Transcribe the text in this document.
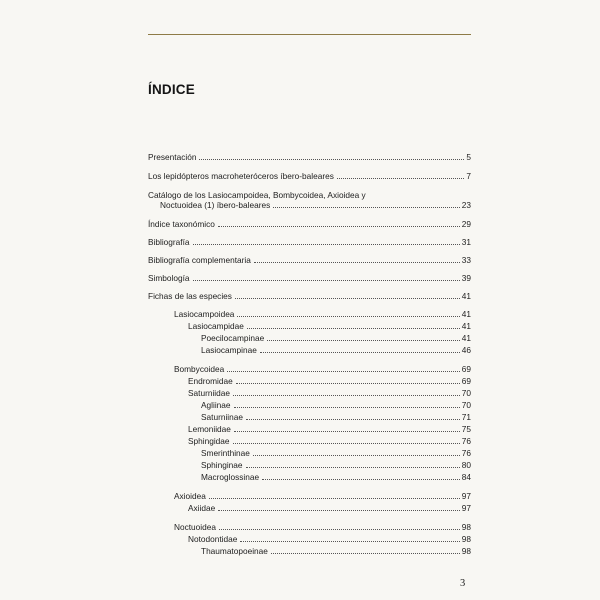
ÍNDICE
Presentación	5
Los lepidópteros macroheteróceros íbero-baleares	7
Catálogo de los Lasiocampoidea, Bombycoidea, Axioidea y
Noctuoidea (1) íbero-baleares	23
Índice taxonómico	29
Bibliografía	31
Bibliografía complementaria	33
Simbología	39
Fichas de las especies	41
Lasiocampoidea	41
Lasiocampidae	41
Poecilocampinae	41
Lasiocampinae	46
Bombycoidea	69
Endromidae	69
Saturniidae	70
Agliinae	70
Saturniinae	71
Lemoniidae	75
Sphingidae	76
Smerinthinae	76
Sphinginae	80
Macroglossinae	84
Axioidea	97
Axiidae	97
Noctuoidea	98
Notodontidae	98
Thaumatopoeinae	98
3
